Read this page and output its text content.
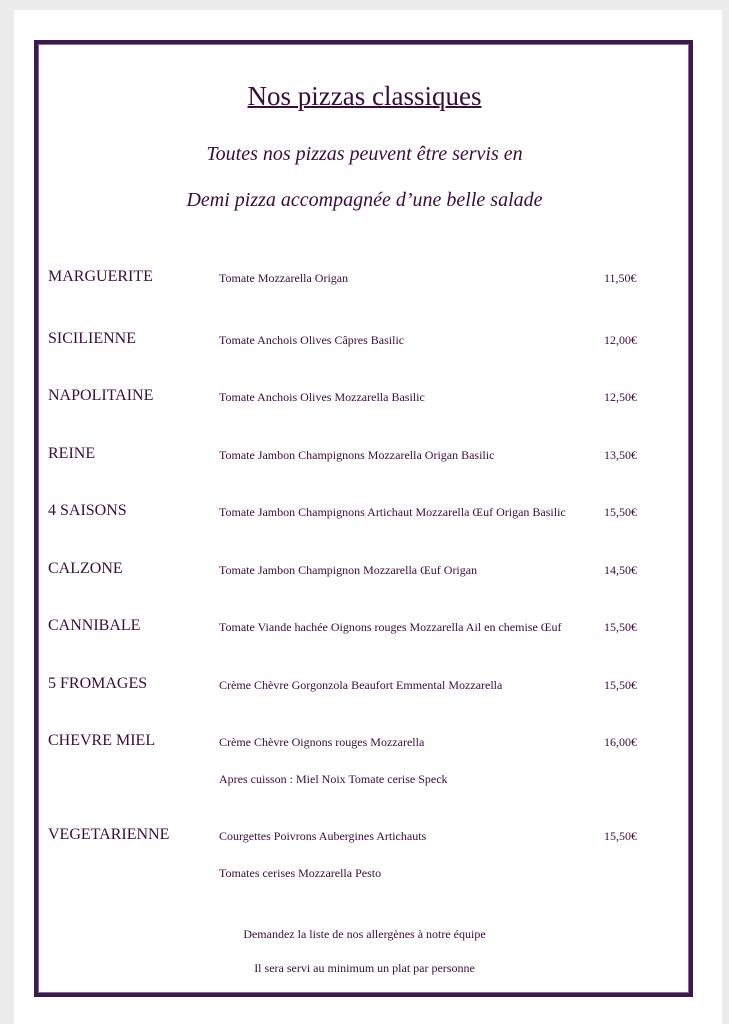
Nos pizzas classiques
Toutes nos pizzas peuvent être servis en
Demi pizza accompagnée d’une belle salade
MARGUERITE	Tomate Mozzarella Origan	11,50€
SICILIENNE	Tomate Anchois Olives Câpres Basilic	12,00€
NAPOLITAINE	Tomate Anchois Olives Mozzarella Basilic	12,50€
REINE	Tomate Jambon Champignons Mozzarella Origan Basilic	13,50€
4 SAISONS	Tomate Jambon Champignons Artichaut Mozzarella Œuf Origan Basilic	15,50€
CALZONE	Tomate Jambon Champignon Mozzarella Œuf Origan	14,50€
CANNIBALE	Tomate Viande hachée Oignons rouges Mozzarella Ail en chemise Œuf	15,50€
5 FROMAGES	Crème Chèvre Gorgonzola Beaufort Emmental Mozzarella	15,50€
CHEVRE MIEL	Crème Chèvre Oignons rouges Mozzarella	16,00€
Apres cuisson : Miel Noix Tomate cerise Speck
VEGETARIENNE	Courgettes Poivrons Aubergines Artichauts	15,50€
Tomates cerises Mozzarella Pesto
Demandez la liste de nos allergènes à notre équipe
Il sera servi au minimum un plat par personne
